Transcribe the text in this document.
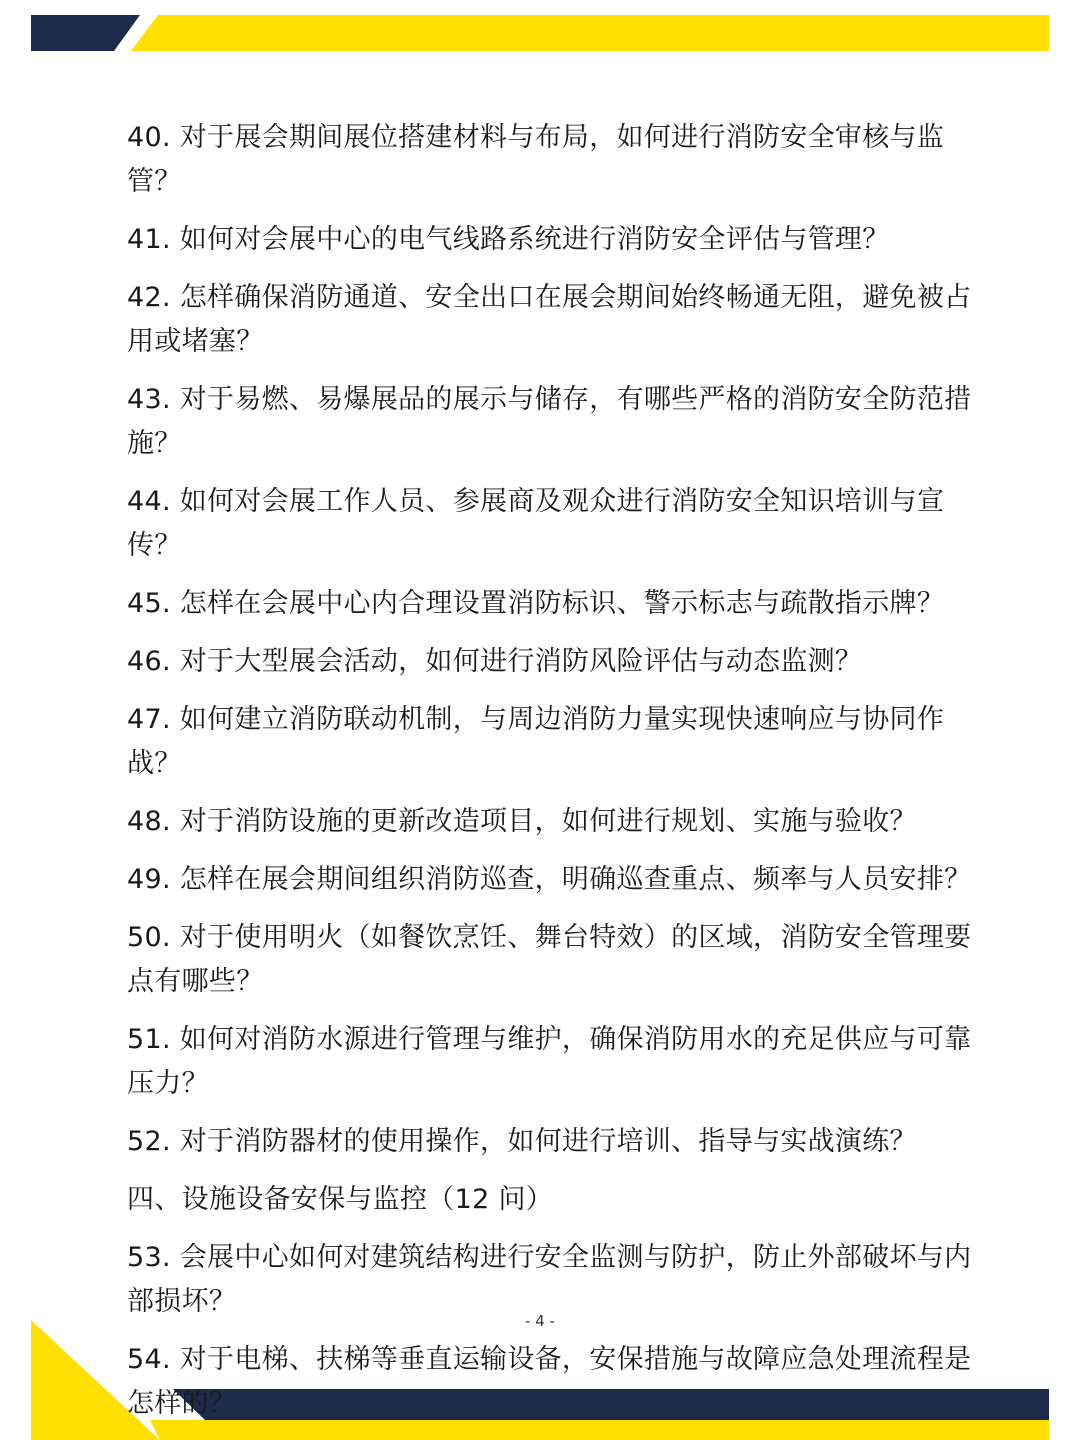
40. 对于展会期间展位搭建材料与布局，如何进行消防安全审核与监管？
41. 如何对会展中心的电气线路系统进行消防安全评估与管理？
42. 怎样确保消防通道、安全出口在展会期间始终畅通无阻，避免被占用或堵塞？
43. 对于易燃、易爆展品的展示与储存，有哪些严格的消防安全防范措施？
44. 如何对会展工作人员、参展商及观众进行消防安全知识培训与宣传？
45. 怎样在会展中心内合理设置消防标识、警示标志与疏散指示牌？
46. 对于大型展会活动，如何进行消防风险评估与动态监测？
47. 如何建立消防联动机制，与周边消防力量实现快速响应与协同作战？
48. 对于消防设施的更新改造项目，如何进行规划、实施与验收？
49. 怎样在展会期间组织消防巡查，明确巡查重点、频率与人员安排？
50. 对于使用明火（如餐饮烹饪、舞台特效）的区域，消防安全管理要点有哪些？
51. 如何对消防水源进行管理与维护，确保消防用水的充足供应与可靠压力？
52. 对于消防器材的使用操作，如何进行培训、指导与实战演练？
四、设施设备安保与监控（12 问）
53. 会展中心如何对建筑结构进行安全监测与防护，防止外部破坏与内部损坏？
54. 对于电梯、扶梯等垂直运输设备，安保措施与故障应急处理流程是怎样的？
- 4 -
